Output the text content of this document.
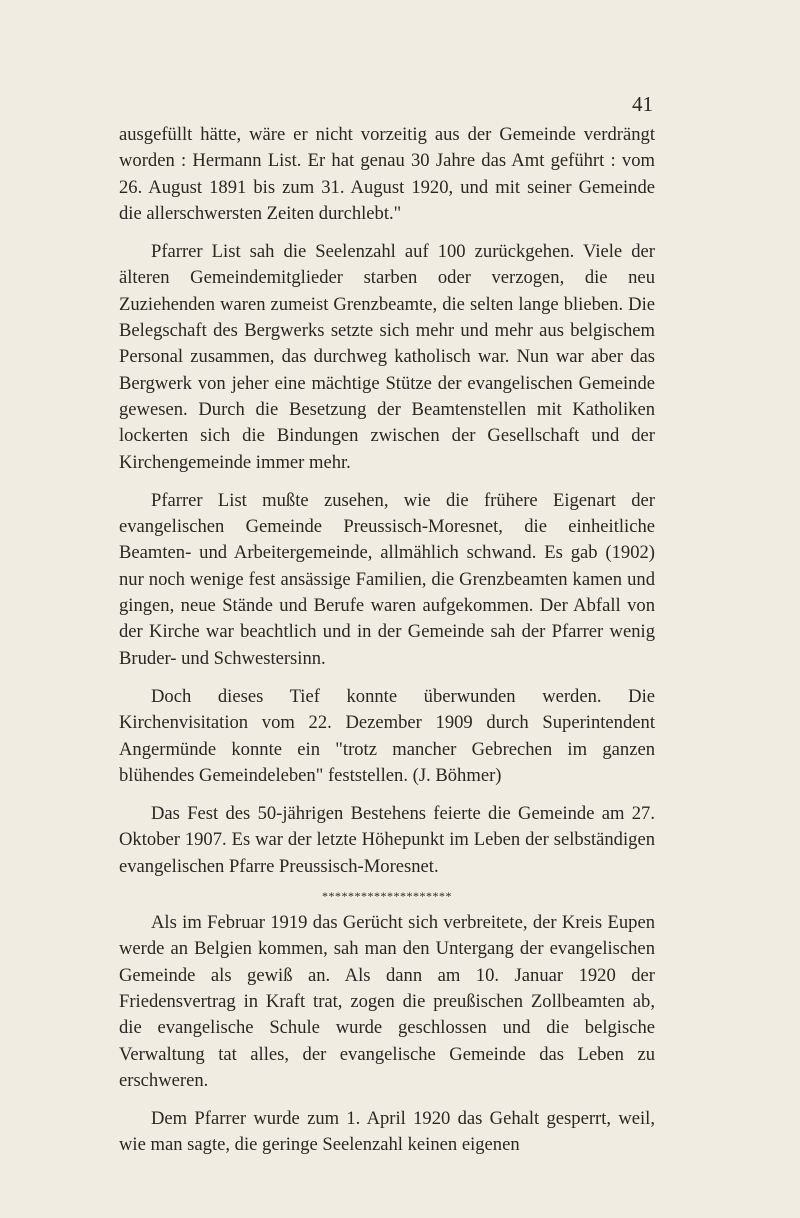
41

ausgefüllt hätte, wäre er nicht vorzeitig aus der Gemeinde verdrängt worden : Hermann List. Er hat genau 30 Jahre das Amt geführt : vom 26. August 1891 bis zum 31. August 1920, und mit seiner Gemeinde die allerschwersten Zeiten durchlebt."

Pfarrer List sah die Seelenzahl auf 100 zurückgehen. Viele der älteren Gemeindemitglieder starben oder verzogen, die neu Zuziehenden waren zumeist Grenzbeamte, die selten lange blieben. Die Belegschaft des Bergwerks setzte sich mehr und mehr aus belgischem Personal zusammen, das durchweg katholisch war. Nun war aber das Bergwerk von jeher eine mächtige Stütze der evangelischen Gemeinde gewesen. Durch die Besetzung der Beamtenstellen mit Katholiken lockerten sich die Bindungen zwischen der Gesellschaft und der Kirchengemeinde immer mehr.

Pfarrer List mußte zusehen, wie die frühere Eigenart der evangelischen Gemeinde Preussisch-Moresnet, die einheitliche Beamten- und Arbeitergemeinde, allmählich schwand. Es gab (1902) nur noch wenige fest ansässige Familien, die Grenzbeamten kamen und gingen, neue Stände und Berufe waren aufgekommen. Der Abfall von der Kirche war beachtlich und in der Gemeinde sah der Pfarrer wenig Bruder- und Schwestersinn.

Doch dieses Tief konnte überwunden werden. Die Kirchenvisitation vom 22. Dezember 1909 durch Superintendent Angermünde konnte ein "trotz mancher Gebrechen im ganzen blühendes Gemeindeleben" feststellen. (J. Böhmer)

Das Fest des 50-jährigen Bestehens feierte die Gemeinde am 27. Oktober 1907. Es war der letzte Höhepunkt im Leben der selbständigen evangelischen Pfarre Preussisch-Moresnet.

********************

Als im Februar 1919 das Gerücht sich verbreitete, der Kreis Eupen werde an Belgien kommen, sah man den Untergang der evangelischen Gemeinde als gewiß an. Als dann am 10. Januar 1920 der Friedensvertrag in Kraft trat, zogen die preußischen Zollbeamten ab, die evangelische Schule wurde geschlossen und die belgische Verwaltung tat alles, der evangelische Gemeinde das Leben zu erschweren.

Dem Pfarrer wurde zum 1. April 1920 das Gehalt gesperrt, weil, wie man sagte, die geringe Seelenzahl keinen eigenen
